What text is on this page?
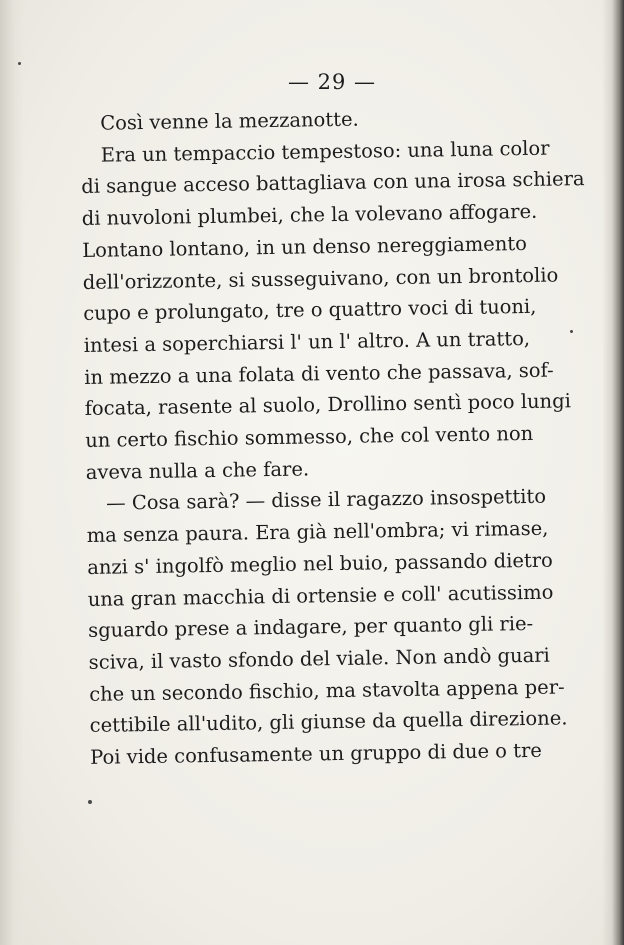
— 29 —
Così venne la mezzanotte.
Era un tempaccio tempestoso: una luna color
di sangue acceso battagliava con una irosa schiera
di nuvoloni plumbei, che la volevano affogare.
Lontano lontano, in un denso nereggiamento
dell'orizzonte, si susseguivano, con un brontolio
cupo e prolungato, tre o quattro voci di tuoni,
intesi a soperchiarsi l' un l' altro. A un tratto,
in mezzo a una folata di vento che passava, sof-
focata, rasente al suolo, Drollino sentì poco lungi
un certo fischio sommesso, che col vento non
aveva nulla a che fare.
— Cosa sarà? — disse il ragazzo insospettito
ma senza paura. Era già nell'ombra; vi rimase,
anzi s' ingolfò meglio nel buio, passando dietro
una gran macchia di ortensie e coll' acutissimo
sguardo prese a indagare, per quanto gli rie-
sciva, il vasto sfondo del viale. Non andò guari
che un secondo fischio, ma stavolta appena per-
cettibile all'udito, gli giunse da quella direzione.
Poi vide confusamente un gruppo di due o tre
